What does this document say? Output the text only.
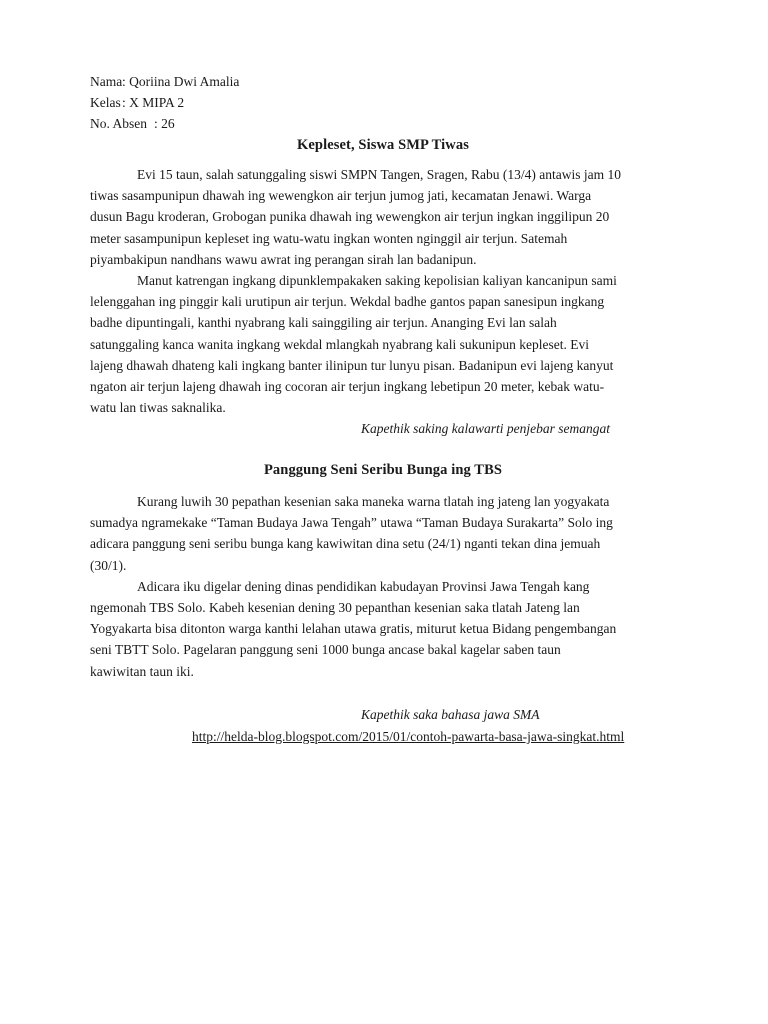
Nama: Qoriina Dwi Amalia
Kelas: X MIPA 2
No. Absen : 26
Kepleset, Siswa SMP Tiwas
Evi 15 taun, salah satunggaling siswi SMPN Tangen, Sragen, Rabu (13/4) antawis jam 10
tiwas sasampunipun dhawah ing wewengkon air terjun jumog jati, kecamatan Jenawi. Warga
dusun Bagu kroderan, Grobogan punika dhawah ing wewengkon air terjun ingkan inggilipun 20
meter sasampunipun kepleset ing watu-watu ingkan wonten nginggil air terjun. Satemah
piyambakipun nandhans wawu awrat ing perangan sirah lan badanipun.
Manut katrengan ingkang dipunklempakaken saking kepolisian kaliyan kancanipun sami
lelenggahan ing pinggir kali urutipun air terjun. Wekdal badhe gantos papan sanesipun ingkang
badhe dipuntingali, kanthi nyabrang kali sainggiling air terjun. Ananging Evi lan salah
satunggaling kanca wanita ingkang wekdal mlangkah nyabrang kali sukunipun kepleset. Evi
lajeng dhawah dhateng kali ingkang banter ilinipun tur lunyu pisan. Badanipun evi lajeng kanyut
ngaton air terjun lajeng dhawah ing cocoran air terjun ingkang lebetipun 20 meter, kebak watu-
watu lan tiwas saknalika.
Kapethik saking kalawarti penjebar semangat
Panggung Seni Seribu Bunga ing TBS
Kurang luwih 30 pepathan kesenian saka maneka warna tlatah ing jateng lan yogyakata
sumadya ngramekake “Taman Budaya Jawa Tengah” utawa “Taman Budaya Surakarta” Solo ing
adicara panggung seni seribu bunga kang kawiwitan dina setu (24/1) nganti tekan dina jemuah
(30/1).
Adicara iku digelar dening dinas pendidikan kabudayan Provinsi Jawa Tengah kang
ngemonah TBS Solo. Kabeh kesenian dening 30 pepanthan kesenian saka tlatah Jateng lan
Yogyakarta bisa ditonton warga kanthi lelahan utawa gratis, miturut ketua Bidang pengembangan
seni TBTT Solo. Pagelaran panggung seni 1000 bunga ancase bakal kagelar saben taun
kawiwitan taun iki.
Kapethik saka bahasa jawa SMA
http://helda-blog.blogspot.com/2015/01/contoh-pawarta-basa-jawa-singkat.html
